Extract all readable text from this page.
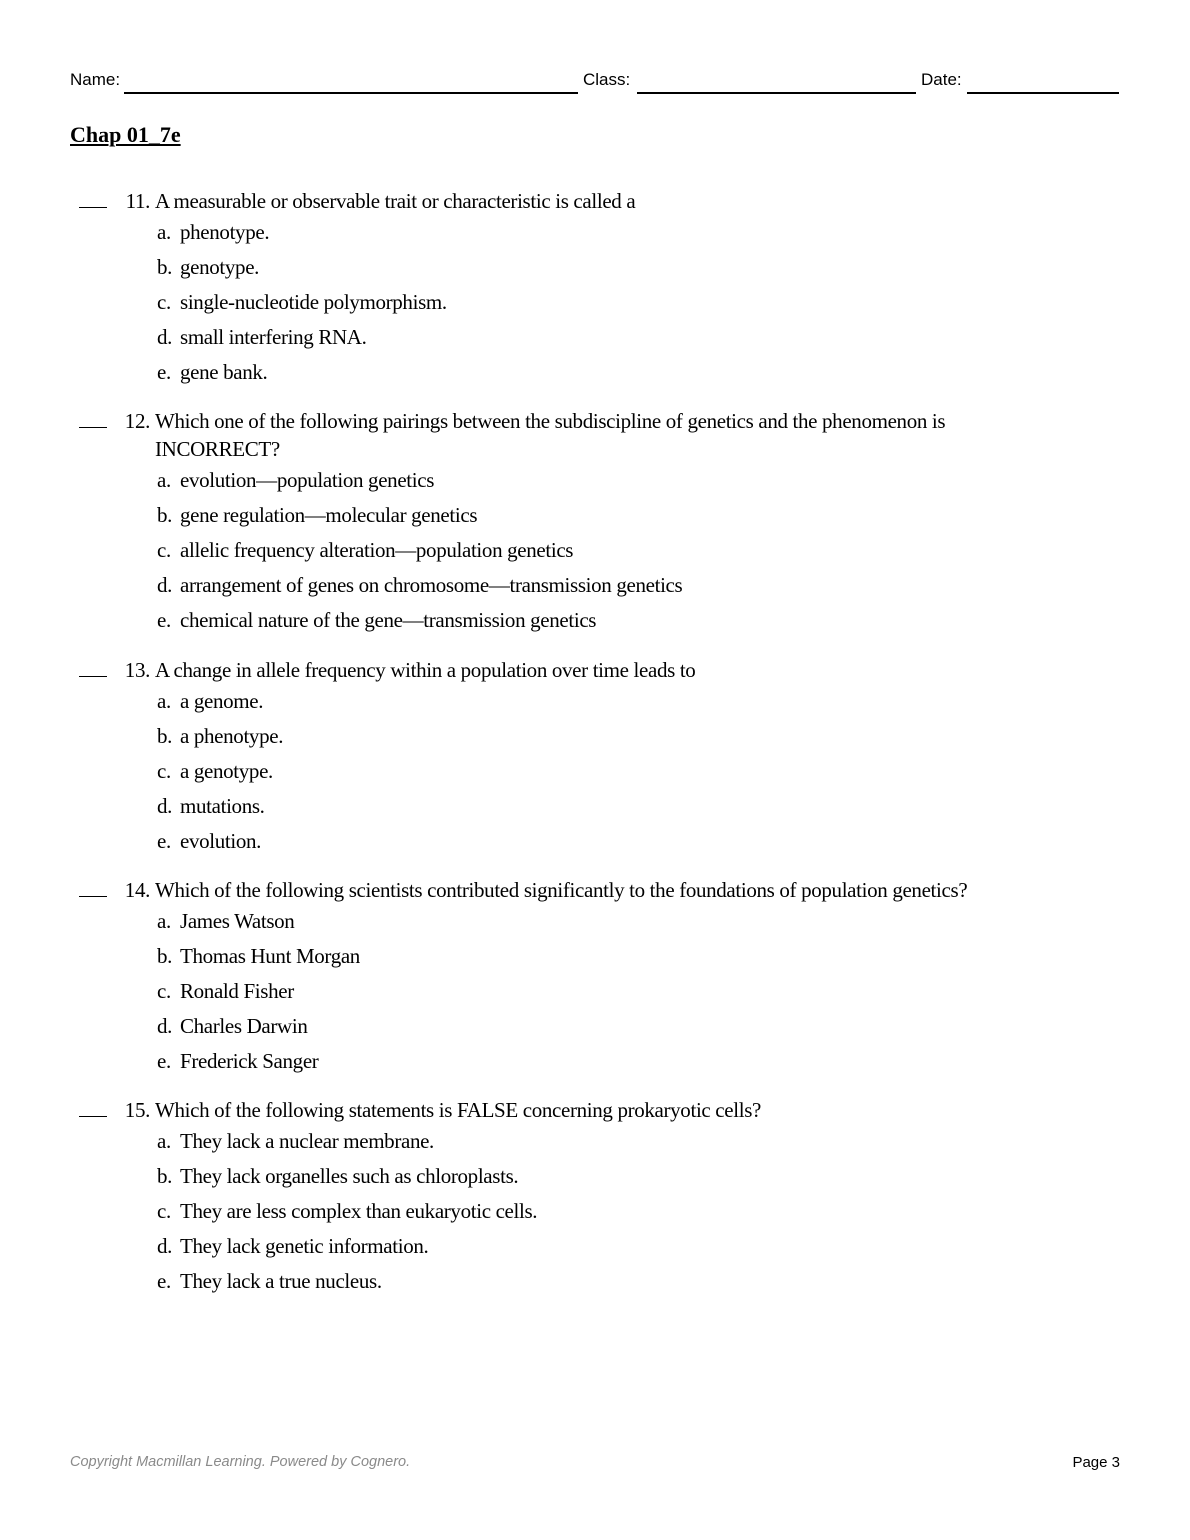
Name:	Class:	Date:
Chap 01_7e
11. A measurable or observable trait or characteristic is called a
a. phenotype.
b. genotype.
c. single-nucleotide polymorphism.
d. small interfering RNA.
e. gene bank.
12. Which one of the following pairings between the subdiscipline of genetics and the phenomenon is INCORRECT?
a. evolution—population genetics
b. gene regulation—molecular genetics
c. allelic frequency alteration—population genetics
d. arrangement of genes on chromosome—transmission genetics
e. chemical nature of the gene—transmission genetics
13. A change in allele frequency within a population over time leads to
a. a genome.
b. a phenotype.
c. a genotype.
d. mutations.
e. evolution.
14. Which of the following scientists contributed significantly to the foundations of population genetics?
a. James Watson
b. Thomas Hunt Morgan
c. Ronald Fisher
d. Charles Darwin
e. Frederick Sanger
15. Which of the following statements is FALSE concerning prokaryotic cells?
a. They lack a nuclear membrane.
b. They lack organelles such as chloroplasts.
c. They are less complex than eukaryotic cells.
d. They lack genetic information.
e. They lack a true nucleus.
Copyright Macmillan Learning. Powered by Cognero.	Page 3
